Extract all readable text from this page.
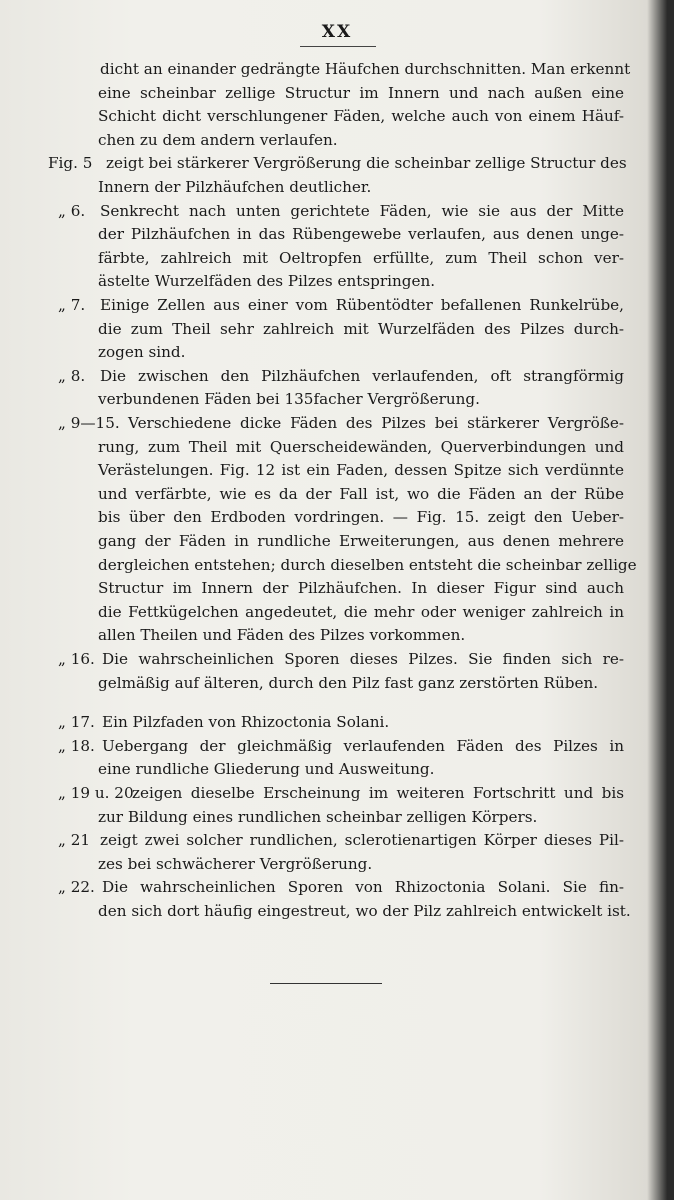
XX
dicht an einander gedrängte Häufchen durchschnitten. Man erkennt
eine scheinbar zellige Structur im Innern und nach außen eine
Schicht dicht verschlungener Fäden, welche auch von einem Häuf-
chen zu dem andern verlaufen.
Fig. 5 zeigt bei stärkerer Vergrößerung die scheinbar zellige Structur des
Innern der Pilzhäufchen deutlicher.
„ 6. Senkrecht nach unten gerichtete Fäden, wie sie aus der Mitte
der Pilzhäufchen in das Rübengewebe verlaufen, aus denen unge-
färbte, zahlreich mit Oeltropfen erfüllte, zum Theil schon ver-
ästelte Wurzelfäden des Pilzes entspringen.
„ 7. Einige Zellen aus einer vom Rübentödter befallenen Runkelrübe,
die zum Theil sehr zahlreich mit Wurzelfäden des Pilzes durch-
zogen sind.
„ 8. Die zwischen den Pilzhäufchen verlaufenden, oft strangförmig
verbundenen Fäden bei 135facher Vergrößerung.
„ 9—15. Verschiedene dicke Fäden des Pilzes bei stärkerer Vergröße-
rung, zum Theil mit Querscheidewänden, Querverbindungen und
Verästelungen. Fig. 12 ist ein Faden, dessen Spitze sich verdünnte
und verfärbte, wie es da der Fall ist, wo die Fäden an der Rübe
bis über den Erdboden vordringen. — Fig. 15. zeigt den Ueber-
gang der Fäden in rundliche Erweiterungen, aus denen mehrere
dergleichen entstehen; durch dieselben entsteht die scheinbar zellige
Structur im Innern der Pilzhäufchen. In dieser Figur sind auch
die Fettkügelchen angedeutet, die mehr oder weniger zahlreich in
allen Theilen und Fäden des Pilzes vorkommen.
„ 16. Die wahrscheinlichen Sporen dieses Pilzes. Sie finden sich re-
gelmäßig auf älteren, durch den Pilz fast ganz zerstörten Rüben.
„ 17. Ein Pilzfaden von Rhizoctonia Solani.
„ 18. Uebergang der gleichmäßig verlaufenden Fäden des Pilzes in
eine rundliche Gliederung und Ausweitung.
„ 19 u. 20
zeigen dieselbe Erscheinung im weiteren Fortschritt und bis
zur Bildung eines rundlichen scheinbar zelligen Körpers.
„ 21 zeigt zwei solcher rundlichen, sclerotienartigen Körper dieses Pil-
zes bei schwächerer Vergrößerung.
„ 22. Die wahrscheinlichen Sporen von Rhizoctonia Solani. Sie fin-
den sich dort häufig eingestreut, wo der Pilz zahlreich entwickelt ist.
